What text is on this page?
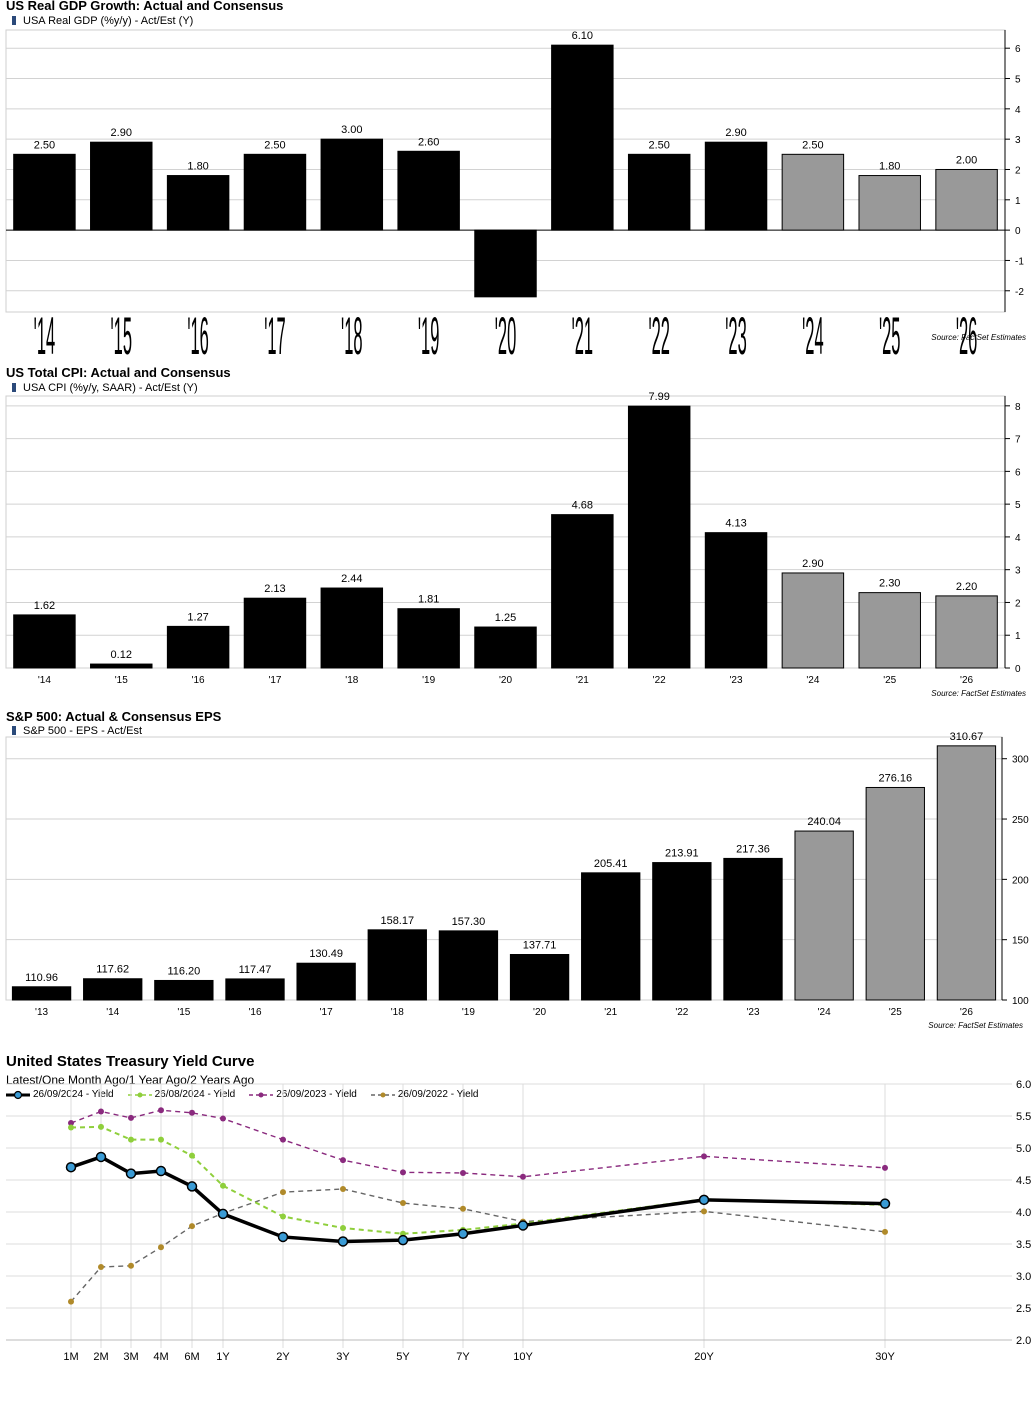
US Real GDP Growth: Actual and Consensus
USA Real GDP (%y/y) - Act/Est (Y)
-2
-1
0
1
2
3
4
5
6
2.50
'14
2.90
'15
1.80
'16
2.50
'17
3.00
'18
2.60
'19 '20
6.10
'21
2.50
'22
2.90
'23
2.50
'24
1.80
'25
2.00
'26
Source: FactSet Estimates
US Total CPI: Actual and Consensus
USA CPI (%y/y, SAAR) - Act/Est (Y)
0
1
2
3
4
5
6
7
8
1.62
'14
0.12
'15
1.27
'16
2.13
'17
2.44
'18
1.81
'19
1.25
'20
4.68
'21
7.99
'22
4.13
'23
2.90
'24
2.30
'25
2.20
'26
Source: FactSet Estimates
S&P 500: Actual & Consensus EPS
S&P 500 - EPS - Act/Est
100
150
200
250
300
110.96
'13
117.62
'14
116.20
'15
117.47
'16
130.49
'17
158.17
'18
157.30
'19
137.71
'20
205.41
'21
213.91
'22
217.36
'23
240.04
'24
276.16
'25
310.67
'26
Source: FactSet Estimates
United States Treasury Yield Curve
Latest/One Month Ago/1 Year Ago/2 Years Ago
26/09/2024 - Yield	26/08/2024 - Yield	26/09/2023 - Yield	26/09/2022 - Yield
2.0
2.5
3.0
3.5
4.0
4.5
5.0
5.5
6.0
1M 2M 3M 4M 6M 1Y	2Y	3Y	5Y	7Y	10Y	20Y	30Y
